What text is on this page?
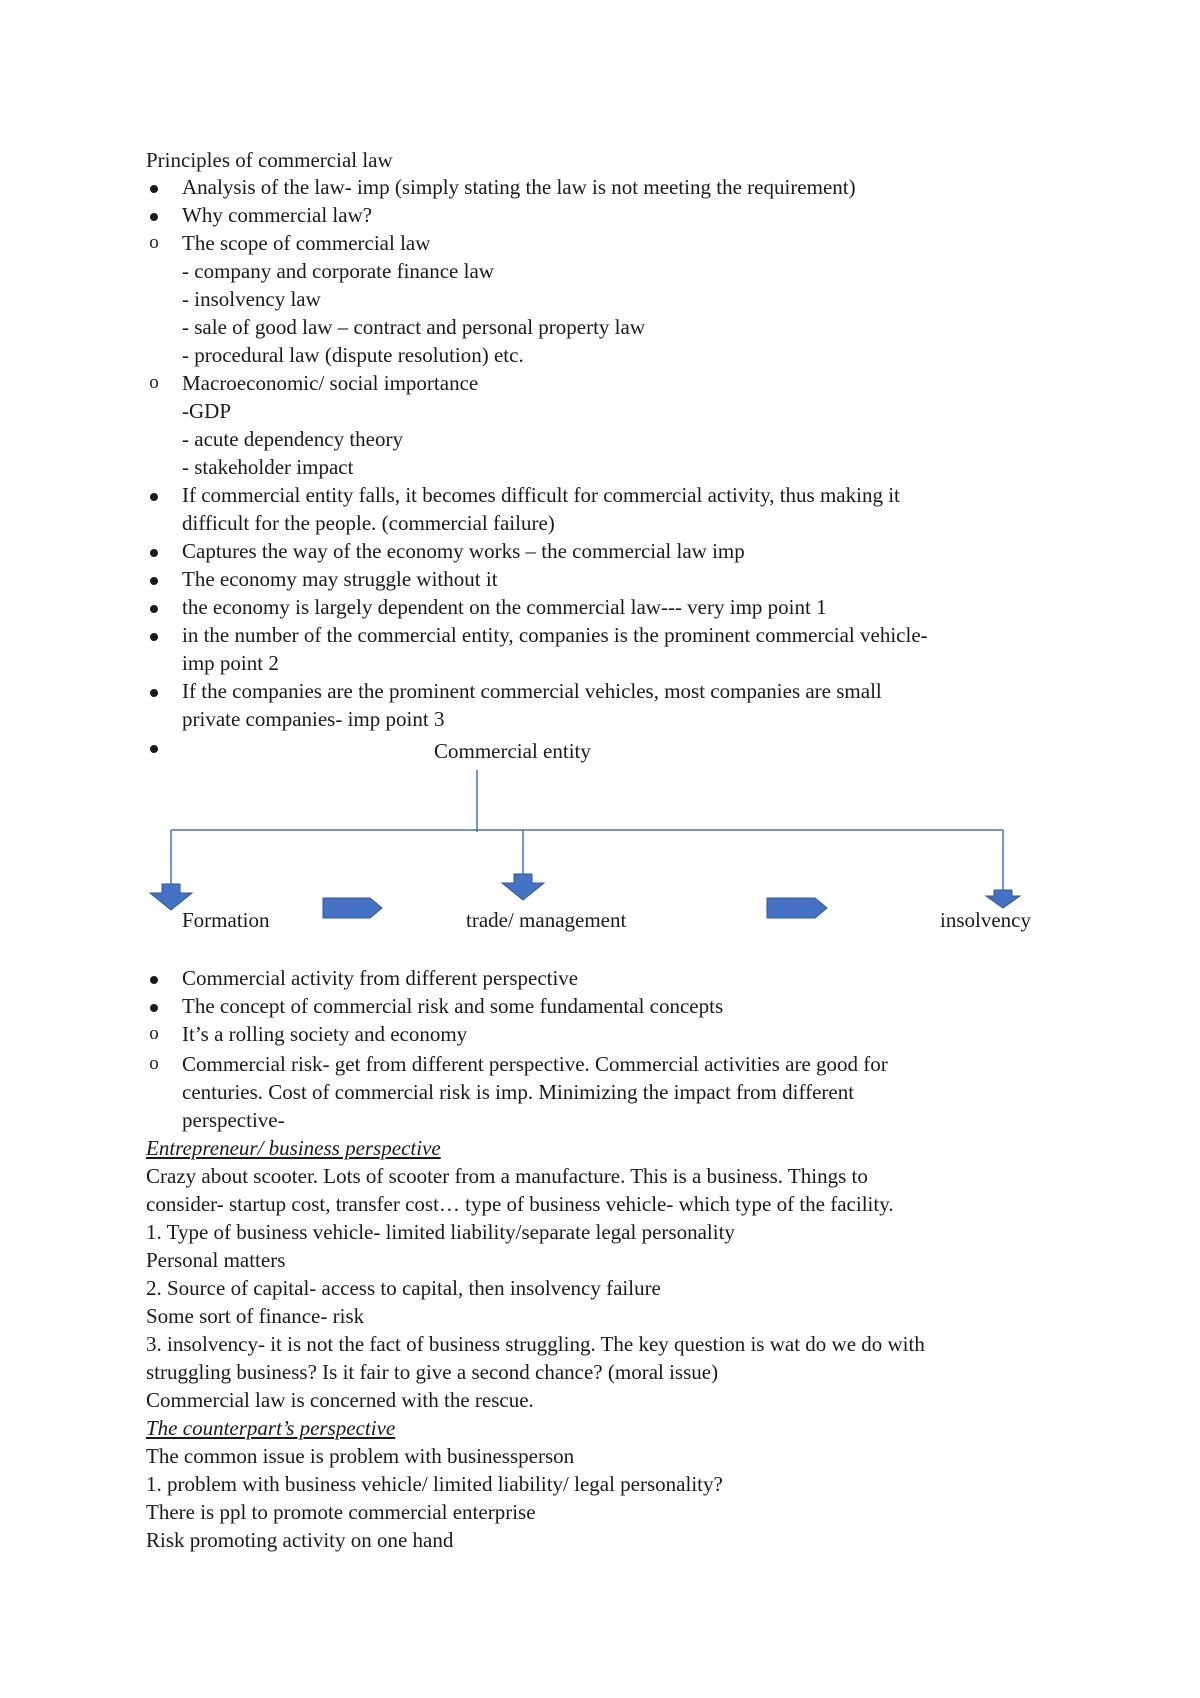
Principles of commercial law
Analysis of the law- imp (simply stating the law is not meeting the requirement)
Why commercial law?
o The scope of commercial law
- company and corporate finance law
- insolvency law
- sale of good law – contract and personal property law
- procedural law (dispute resolution) etc.
o Macroeconomic/ social importance
-GDP
- acute dependency theory
- stakeholder impact
If commercial entity falls, it becomes difficult for commercial activity, thus making it
difficult for the people. (commercial failure)
Captures the way of the economy works – the commercial law imp
The economy may struggle without it
the economy is largely dependent on the commercial law--- very imp point 1
in the number of the commercial entity, companies is the prominent commercial vehicle-
imp point 2
If the companies are the prominent commercial vehicles, most companies are small
private companies- imp point 3
Commercial entity
Formation	trade/ management	insolvency
Commercial activity from different perspective
The concept of commercial risk and some fundamental concepts
o It’s a rolling society and economy
o Commercial risk- get from different perspective. Commercial activities are good for
centuries. Cost of commercial risk is imp. Minimizing the impact from different
perspective-
Entrepreneur/ business perspective
Crazy about scooter. Lots of scooter from a manufacture. This is a business. Things to
consider- startup cost, transfer cost… type of business vehicle- which type of the facility.
1. Type of business vehicle- limited liability/separate legal personality
Personal matters
2. Source of capital- access to capital, then insolvency failure
Some sort of finance- risk
3. insolvency- it is not the fact of business struggling. The key question is wat do we do with
struggling business? Is it fair to give a second chance? (moral issue)
Commercial law is concerned with the rescue.
The counterpart’s perspective
The common issue is problem with businessperson
1. problem with business vehicle/ limited liability/ legal personality?
There is ppl to promote commercial enterprise
Risk promoting activity on one hand
